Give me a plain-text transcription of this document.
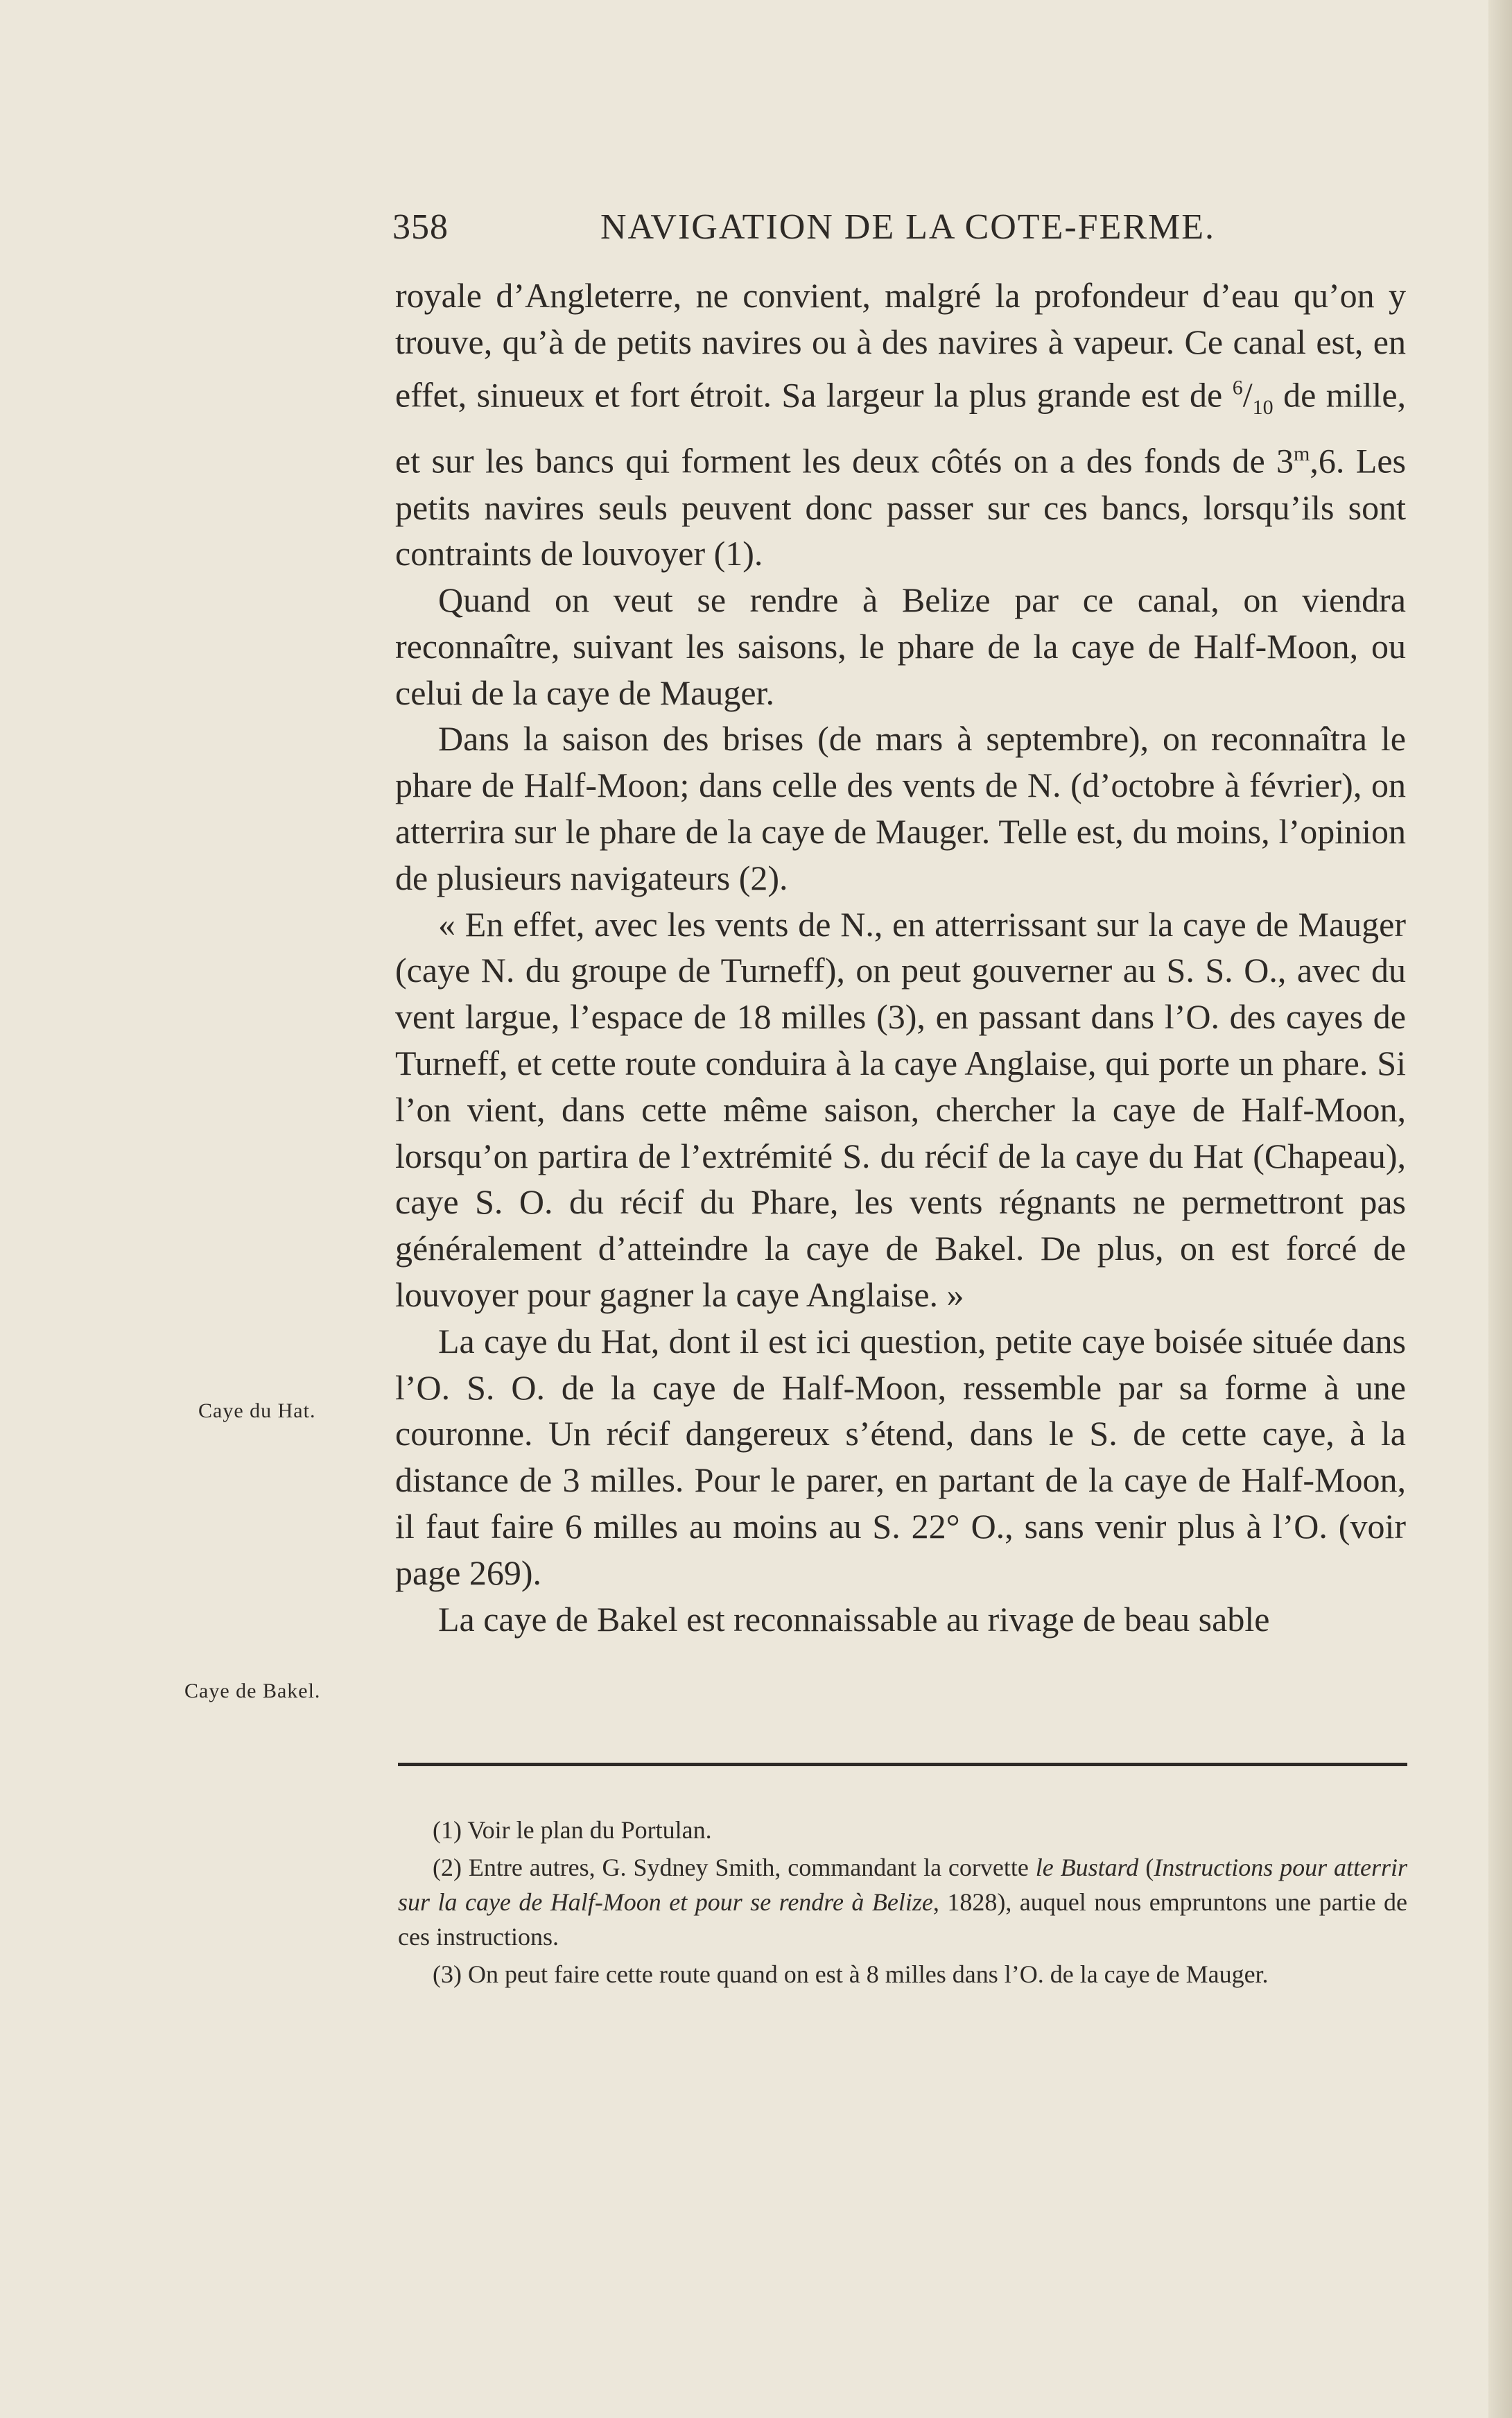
358	NAVIGATION DE LA COTE-FERME.

royale d’Angleterre, ne convient, malgré la profondeur d’eau qu’on y trouve, qu’à de petits navires ou à des navires à vapeur. Ce canal est, en effet, sinueux et fort étroit. Sa largeur la plus grande est de $^6/_{10}$ de mille, et sur les bancs qui forment les deux côtés on a des fonds de 3$^m$,6. Les petits navires seuls peuvent donc passer sur ces bancs, lorsqu’ils sont contraints de louvoyer (1).

Quand on veut se rendre à Belize par ce canal, on viendra reconnaître, suivant les saisons, le phare de la caye de Half-Moon, ou celui de la caye de Mauger.

Dans la saison des brises (de mars à septembre), on reconnaîtra le phare de Half-Moon; dans celle des vents de N. (d’octobre à février), on atterrira sur le phare de la caye de Mauger. Telle est, du moins, l’opinion de plusieurs navigateurs (2).

« En effet, avec les vents de N., en atterrissant sur la caye de Mauger (caye N. du groupe de Turneff), on peut gouverner au S. S. O., avec du vent largue, l’espace de 18 milles (3), en passant dans l’O. des cayes de Turneff, et cette route conduira à la caye Anglaise, qui porte un phare. Si l’on vient, dans cette même saison, chercher la caye de Half-Moon, lorsqu’on partira de l’extrémité S. du récif de la caye du Hat (Chapeau), caye S. O. du récif du Phare, les vents régnants ne permettront pas généralement d’atteindre la caye de Bakel. De plus, on est forcé de louvoyer pour gagner la caye Anglaise. »

La caye du Hat, dont il est ici question, petite caye boisée située dans l’O. S. O. de la caye de Half-Moon, ressemble par sa forme à une couronne. Un récif dangereux s’étend, dans le S. de cette caye, à la distance de 3 milles. Pour le parer, en partant de la caye de Half-Moon, il faut faire 6 milles au moins au S. 22° O., sans venir plus à l’O. (voir page 269).

La caye de Bakel est reconnaissable au rivage de beau sable

Caye du Hat.
Caye de Bakel.

(1) Voir le plan du Portulan.

(2) Entre autres, G. Sydney Smith, commandant la corvette le Bustard (Instructions pour atterrir sur la caye de Half-Moon et pour se rendre à Belize, 1828), auquel nous empruntons une partie de ces instructions.

(3) On peut faire cette route quand on est à 8 milles dans l’O. de la caye de Mauger.
